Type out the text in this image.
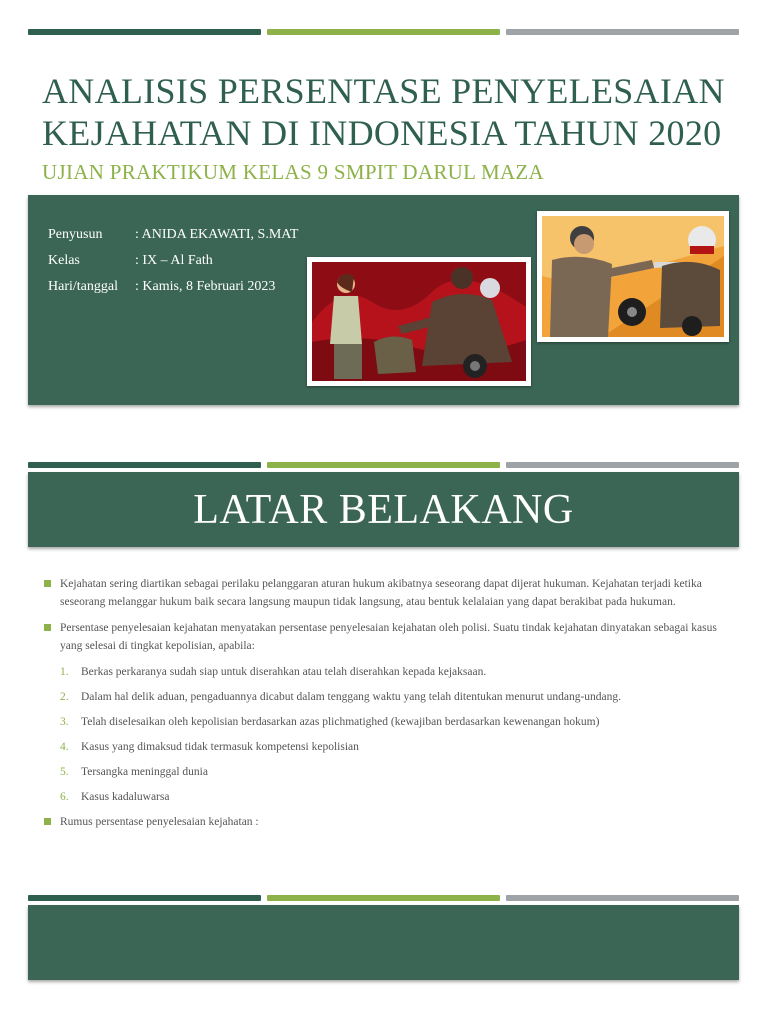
ANALISIS PERSENTASE PENYELESAIAN KEJAHATAN DI INDONESIA TAHUN 2020
UJIAN PRAKTIKUM KELAS 9 SMPIT DARUL MAZA
Penyusun	: ANIDA EKAWATI, S.MAT
Kelas	: IX – Al Fath
Hari/tanggal	: Kamis, 8 Februari 2023
LATAR BELAKANG
Kejahatan sering diartikan sebagai perilaku pelanggaran aturan hukum akibatnya seseorang dapat dijerat hukuman. Kejahatan terjadi ketika seseorang melanggar hukum baik secara langsung maupun tidak langsung, atau bentuk kelalaian yang dapat berakibat pada hukuman.
Persentase penyelesaian kejahatan menyatakan persentase penyelesaian kejahatan oleh polisi. Suatu tindak kejahatan dinyatakan sebagai kasus yang selesai di tingkat kepolisian, apabila:
1.	Berkas perkaranya sudah siap untuk diserahkan atau telah diserahkan kepada kejaksaan.
2.	Dalam hal delik aduan, pengaduannya dicabut dalam tenggang waktu yang telah ditentukan menurut undang-undang.
3.	Telah diselesaikan oleh kepolisian berdasarkan azas plichmatighed (kewajiban berdasarkan kewenangan hokum)
4.	Kasus yang dimaksud tidak termasuk kompetensi kepolisian
5.	Tersangka meninggal dunia
6.	Kasus kadaluwarsa
Rumus persentase penyelesaian kejahatan :
